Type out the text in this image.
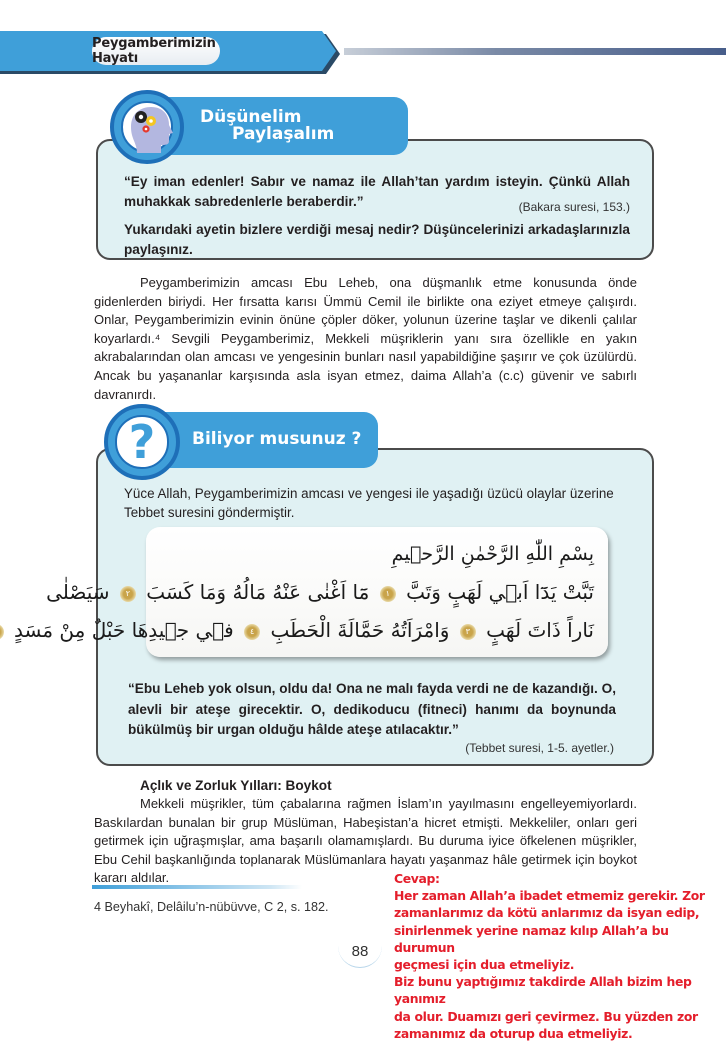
Peygamberimizin Hayatı
Düşünelim
Paylaşalım
“Ey iman edenler! Sabır ve namaz ile Allah’tan yardım isteyin. Çünkü Allah muhakkak sabredenlerle beraberdir.”	(Bakara suresi, 153.)
Yukarıdaki ayetin bizlere verdiği mesaj nedir? Düşüncelerinizi arkadaşlarınızla paylaşınız.
Peygamberimizin amcası Ebu Leheb, ona düşmanlık etme konusunda önde gidenlerden biriydi. Her fırsatta karısı Ümmü Cemil ile birlikte ona eziyet etmeye çalışırdı. Onlar, Peygamberimizin evinin önüne çöpler döker, yolunun üzerine taşlar ve dikenli çalılar koyarlardı.⁴ Sevgili Peygamberimiz, Mekkeli müşriklerin yanı sıra özellikle en yakın akrabalarından olan amcası ve yengesinin bunları nasıl yapabildiğine şaşırır ve çok üzülürdü. Ancak bu yaşananlar karşısında asla isyan etmez, daima Allah’a (c.c) güvenir ve sabırlı davranırdı.
Biliyor musunuz ?
?
Yüce Allah, Peygamberimizin amcası ve yengesi ile yaşadığı üzücü olaylar üzerine Tebbet suresini göndermiştir.
بِسْمِ اللّٰهِ الرَّحْمٰنِ الرَّح۪يمِ
تَبَّتْ يَدَٓا اَب۪ي لَهَبٍ وَتَبَّ ١ مَٓا اَغْنٰى عَنْهُ مَالُهُ وَمَا كَسَبَ ٢ سَيَصْلٰى
نَاراً ذَاتَ لَهَبٍ ٣ وَامْرَاَتُهُ حَمَّالَةَ الْحَطَبِ ٤ ف۪ي ج۪يدِهَا حَبْلٌ مِنْ مَسَدٍ
“Ebu Leheb yok olsun, oldu da! Ona ne malı fayda verdi ne de kazandığı. O, alevli bir ateşe girecektir. O, dedikoducu (fitneci) hanımı da boynunda bükülmüş bir urgan olduğu hâlde ateşe atılacaktır.”
(Tebbet suresi, 1-5. ayetler.)
Açlık ve Zorluk Yılları: Boykot
Mekkeli müşrikler, tüm çabalarına rağmen İslam’ın yayılmasını engelleyemiyorlardı. Baskılardan bunalan bir grup Müslüman, Habeşistan’a hicret etmişti. Mekkeliler, onları geri getirmek için uğraşmışlar, ama başarılı olamamışlardı. Bu duruma iyice öfkelenen müşrikler, Ebu Cehil başkanlığında toplanarak Müslümanlara hayatı yaşanmaz hâle getirmek için boykot kararı aldılar.
4 Beyhakî, Delâilu’n-nübüvve, C 2, s. 182.
88
Cevap:
Her zaman Allah’a ibadet etmemiz gerekir. Zor
zamanlarımız da kötü anlarımız da isyan edip,
sinirlenmek yerine namaz kılıp Allah’a bu durumun
geçmesi için dua etmeliyiz.
Biz bunu yaptığımız takdirde Allah bizim hep yanımız
da olur. Duamızı geri çevirmez. Bu yüzden zor
zamanımız da oturup dua etmeliyiz.
